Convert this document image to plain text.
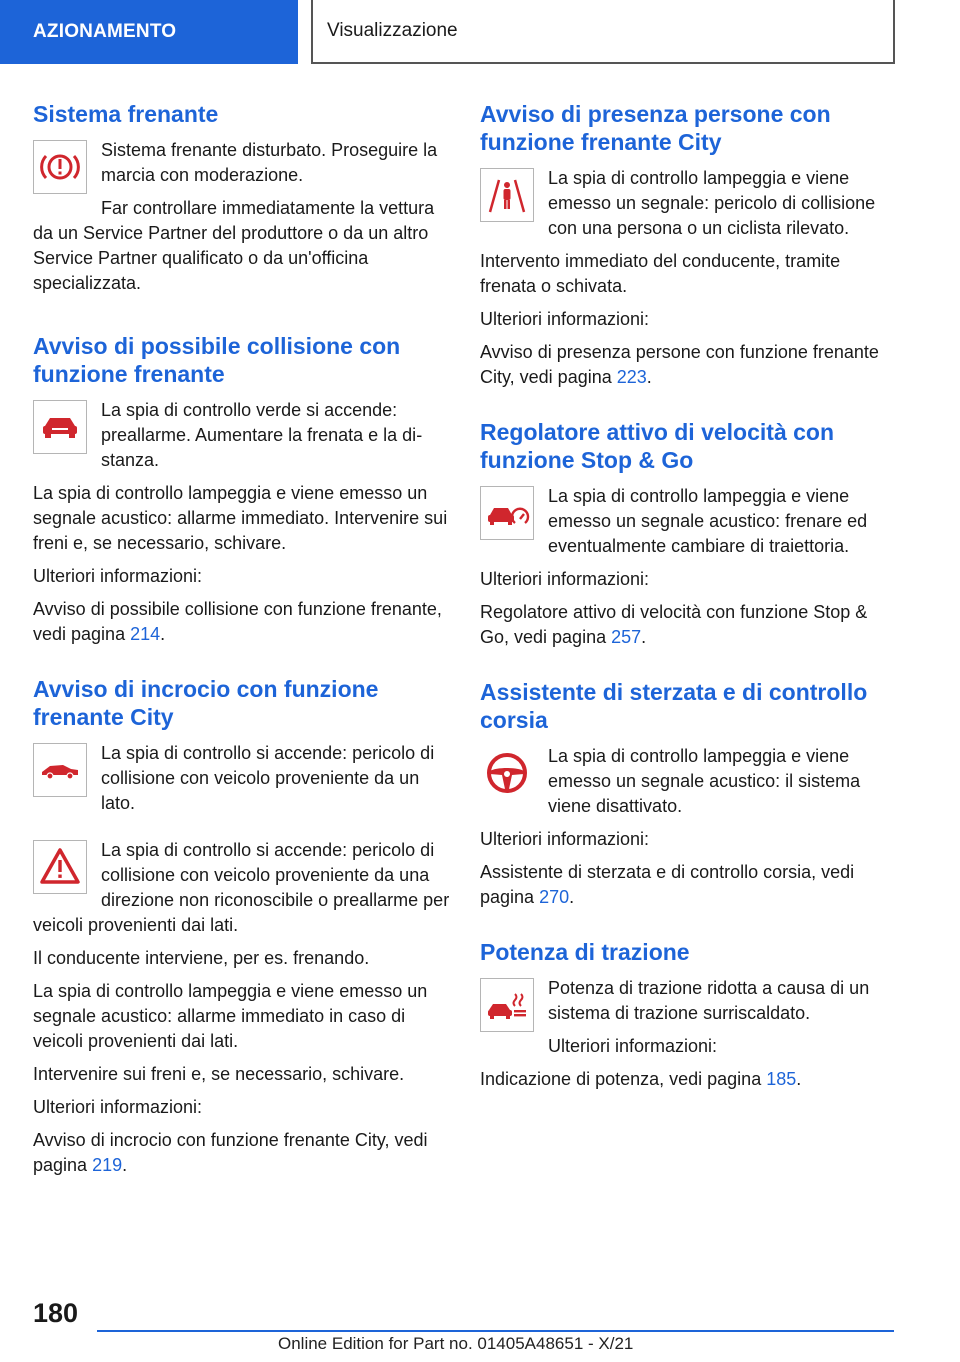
AZIONAMENTO	Visualizzazione
Sistema frenante

Sistema frenante disturbato. Proseguire la marcia con moderazione.

Far controllare immediatamente la vettura da un Service Partner del produttore o da un altro Service Partner qualificato o da un'officina specializzata.

Avviso di possibile collisione con funzione frenante

La spia di controllo verde si accende: preallarme. Aumentare la frenata e la distanza.

La spia di controllo lampeggia e viene emesso un segnale acustico: allarme immediato. Intervenire sui freni e, se necessario, schivare.

Ulteriori informazioni:

Avviso di possibile collisione con funzione frenante, vedi pagina 214.

Avviso di incrocio con funzione frenante City

La spia di controllo si accende: pericolo di collisione con veicolo proveniente da un lato.

La spia di controllo si accende: pericolo di collisione con veicolo proveniente da una direzione non riconoscibile o preallarme per veicoli provenienti dai lati.

Il conducente interviene, per es. frenando.

La spia di controllo lampeggia e viene emesso un segnale acustico: allarme immediato in caso di veicoli provenienti dai lati.

Intervenire sui freni e, se necessario, schivare.

Ulteriori informazioni:

Avviso di incrocio con funzione frenante City, vedi pagina 219.

Avviso di presenza persone con funzione frenante City

La spia di controllo lampeggia e viene emesso un segnale: pericolo di collisione con una persona o un ciclista rilevato.

Intervento immediato del conducente, tramite frenata o schivata.

Ulteriori informazioni:

Avviso di presenza persone con funzione frenante City, vedi pagina 223.

Regolatore attivo di velocità con funzione Stop & Go

La spia di controllo lampeggia e viene emesso un segnale acustico: frenare ed eventualmente cambiare di traiettoria.

Ulteriori informazioni:

Regolatore attivo di velocità con funzione Stop & Go, vedi pagina 257.

Assistente di sterzata e di controllo corsia

La spia di controllo lampeggia e viene emesso un segnale acustico: il sistema viene disattivato.

Ulteriori informazioni:

Assistente di sterzata e di controllo corsia, vedi pagina 270.

Potenza di trazione

Potenza di trazione ridotta a causa di un sistema di trazione surriscaldato.

Ulteriori informazioni:

Indicazione di potenza, vedi pagina 185.

180
Online Edition for Part no. 01405A48651 - X/21
